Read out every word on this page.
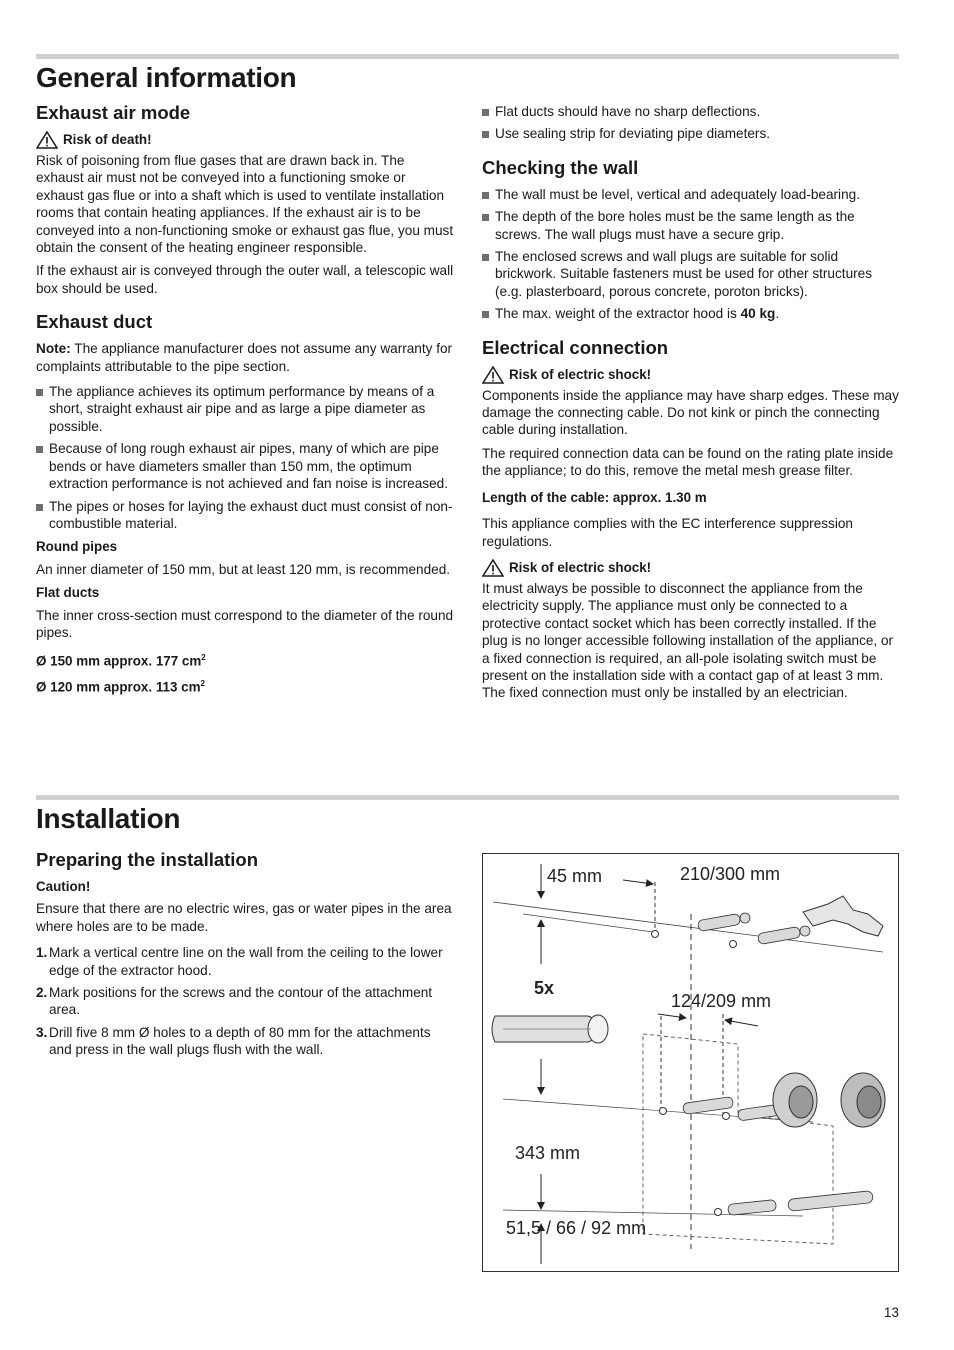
General information
Exhaust air mode
Risk of death!

Risk of poisoning from flue gases that are drawn back in. The exhaust air must not be conveyed into a functioning smoke or exhaust gas flue or into a shaft which is used to ventilate installation rooms that contain heating appliances. If the exhaust air is to be conveyed into a non-functioning smoke or exhaust gas flue, you must obtain the consent of the heating engineer responsible.

If the exhaust air is conveyed through the outer wall, a telescopic wall box should be used.

Exhaust duct

Note: The appliance manufacturer does not assume any warranty for complaints attributable to the pipe section.

The appliance achieves its optimum performance by means of a short, straight exhaust air pipe and as large a pipe diameter as possible.
Because of long rough exhaust air pipes, many of which are pipe bends or have diameters smaller than 150 mm, the optimum extraction performance is not achieved and fan noise is increased.
The pipes or hoses for laying the exhaust duct must consist of non-combustible material.

Round pipes

An inner diameter of 150 mm, but at least 120 mm, is recommended.

Flat ducts

The inner cross-section must correspond to the diameter of the round pipes.

Ø 150 mm approx. 177 $cm^2$

Ø 120 mm approx. 113 $cm^2$

Flat ducts should have no sharp deflections.
Use sealing strip for deviating pipe diameters.
Checking the wall
The wall must be level, vertical and adequately load-bearing.
The depth of the bore holes must be the same length as the screws. The wall plugs must have a secure grip.
The enclosed screws and wall plugs are suitable for solid brickwork. Suitable fasteners must be used for other structures (e.g. plasterboard, porous concrete, poroton bricks).
The max. weight of the extractor hood is 40 kg.
Electrical connection
Risk of electric shock!

Components inside the appliance may have sharp edges. These may damage the connecting cable. Do not kink or pinch the connecting cable during installation.

The required connection data can be found on the rating plate inside the appliance; to do this, remove the metal mesh grease filter.

Length of the cable: approx. 1.30 m

This appliance complies with the EC interference suppression regulations.

Risk of electric shock!

It must always be possible to disconnect the appliance from the electricity supply. The appliance must only be connected to a protective contact socket which has been correctly installed. If the plug is no longer accessible following installation of the appliance, or a fixed connection is required, an all-pole isolating switch must be present on the installation side with a contact gap of at least 3 mm. The fixed connection must only be installed by an electrician.

Installation
Preparing the installation

Caution!

Ensure that there are no electric wires, gas or water pipes in the area where holes are to be made.

1. Mark a vertical centre line on the wall from the ceiling to the lower edge of the extractor hood.
2. Mark positions for the screws and the contour of the attachment area.
3. Drill five 8 mm Ø holes to a depth of 80 mm for the attachments and press in the wall plugs flush with the wall.
45 mm	210/300 mm
5x
124/209 mm
343 mm
51,5 / 66 / 92 mm
13
